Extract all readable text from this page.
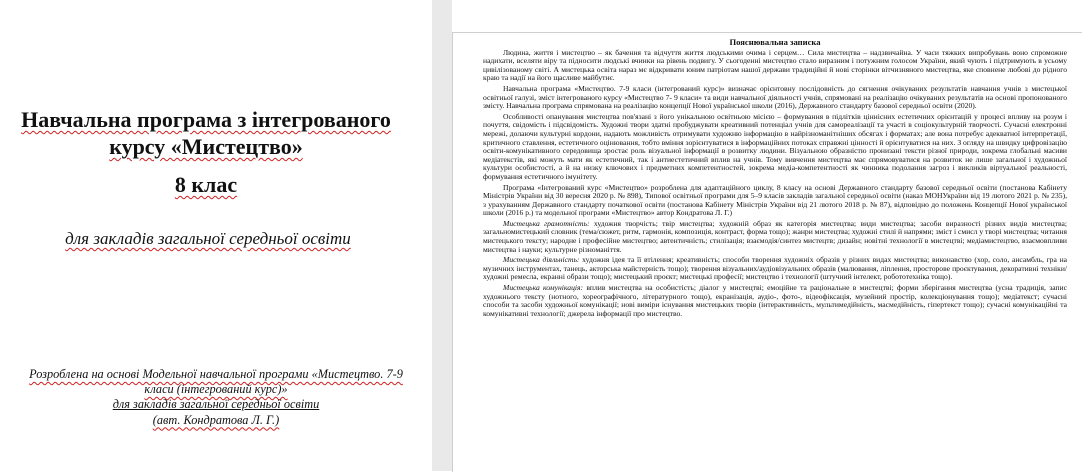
Навчальна програма з інтегрованого
курсу «Мистецтво»
8 клас
для закладів загальної середньої освіти
Розроблена на основі Модельної навчальної програми «Мистецтво. 7-9
класи (інтегрований курс)»
для закладів загальної середньої освіти
(авт. Кондратова Л. Г.)
Пояснювальна записка

Людина, життя і мистецтво – як бачення та відчуття життя людськими очима і серцем… Сила мистецтва – надзвичайна. У часи тяжких випробувань воно спроможне надихати, вселяти віру та підносити людські вчинки на рівень подвигу. У сьогоденні мистецтво стало виразним і потужним голосом України, який чують і підтримують в усьому цивілізованому світі. А мистецька освіта нараз мє відкривати юним патріотам нашої держави традиційні й нові сторінки вітчизняного мистецтва, яке сповнене любові до рідного краю та надії на його щасливе майбутнє.

Навчальна програма «Мистецтво. 7-9 класи (інтегрований курс)» визначає орієнтовну послідовність до сягнення очікуваних результатів навчання учнів з мистецької освітньої галузі, зміст інтегрованого курсу «Мистецтво 7- 9 класи» та види навчальної діяльності учнів, спрямовані на реалізацію очікуваних результатів на основі пропонованого змісту. Навчальна програма спрямована на реалізацію концепції Нової української школи (2016), Державного стандарту базової середньої освіти (2020).

Особливості опанування мистецтва пов'язані з його унікальною освітньою місією – формування в підлітків ціннісних естетичних орієнтацій у процесі впливу на розум і почуття, свідомість і підсвідомість. Художні твори здатні пробуджувати креативний потенціал учнів для самореалізації та участі в соціокультурній творчості. Сучасні електронні мережі, долаючи культурні кордони, надають можливість отримувати художню інформацію в найрізноманітніших обсягах і форматах; але вона потребує адекватної інтерпретації, критичного ставлення, естетичного оцінювання, тобто вміння зорієнтуватися в інформаційних потоках справжні цінності й орієнтуватися на них. З огляду на швидку цифровізацію освіти-комунікативного середовища зростає роль візуальної інформації в розвитку людини. Візуальною образністю пронизані тексти різної природи, зокрема глобальні масиви медіатекстів, які можуть мати як естетичний, так і антиестетичний вплив на учнів. Тому вивчення мистецтва має спрямовуватися на розвиток не лише загальної і художньої культури особистості, а й на низку ключових і предметних компетентностей, зокрема медіа-компетентності як чинника подолання загроз і викликів віртуальної реальності, формування естетичного імунітету.

Програма «Інтегрований курс «Мистецтво» розроблена для адаптаційного циклу, 8 класу на основі Державного стандарту базової середньої освіти (постанова Кабінету Міністрів України від 30 вересня 2020 р. № 898), Типової освітньої програми для 5–9 класів закладів загальної середньої освіти (наказ МОНУкраїни від 19 лютого 2021 р. № 235), з урахуванням Державного стандарту початкової освіти (постанова Кабінету Міністрів України від 21 лютого 2018 р. № 87), відповідно до положень Концепції Нової української школи (2016 р.) та модельної програми «Мистецтво» автор Кондратова Л. Г.)

Мистецька грамотність: художня творчість; твір мистецтва; художній образ як категорія мистецтва; види мистецтва; засоби виразності різних видів мистецтва; загальномистецький словник (тема/сюжет, ритм, гармонія, композиція, контраст, форма тощо); жанри мистецтва; художні стилі й напрями; зміст і смисл у творі мистецтва; читання мистецького тексту; народне і професійне мистецтво; автентичність; стилізація; взаємодія/синтез мистецтв; дизайн; новітні технології в мистецтві; медіамистецтво, взаємовпливи мистецтва і науки; культурне різноманіття.

Мистецька діяльність: художня ідея та її втілення; креативність; способи творення художніх образів у різних видах мистецтва; виконавство (хор, соло, ансамбль, гра на музичних інструментах, танець, акторська майстерність тощо); творення візуальних/аудіовізуальних образів (малювання, ліплення, просторове проєктування, декоративні техніки/художні ремесла, екранні образи тощо); мистецький проєкт; мистецькі професії; мистецтво і технології (штучний інтелект, робототехніка тощо).

Мистецька комунікація: вплив мистецтва на особистість; діалог у мистецтві; емоційне та раціональне в мистецтві; форми зберігання мистецтва (усна традиція, запис художнього тексту (нотного, хореографічного, літературного тощо), екранізація, аудіо-, фото-, відеофіксація, музейний простір, колекціонування тощо); медіатекст; сучасні способи та засоби художньої комунікації; нові виміри існування мистецьких творів (інтерактивність, мультимедійність, масмедійність, гіпертекст тощо); сучасні комунікаційні та комунікативні технології; джерела інформації про мистецтво.
